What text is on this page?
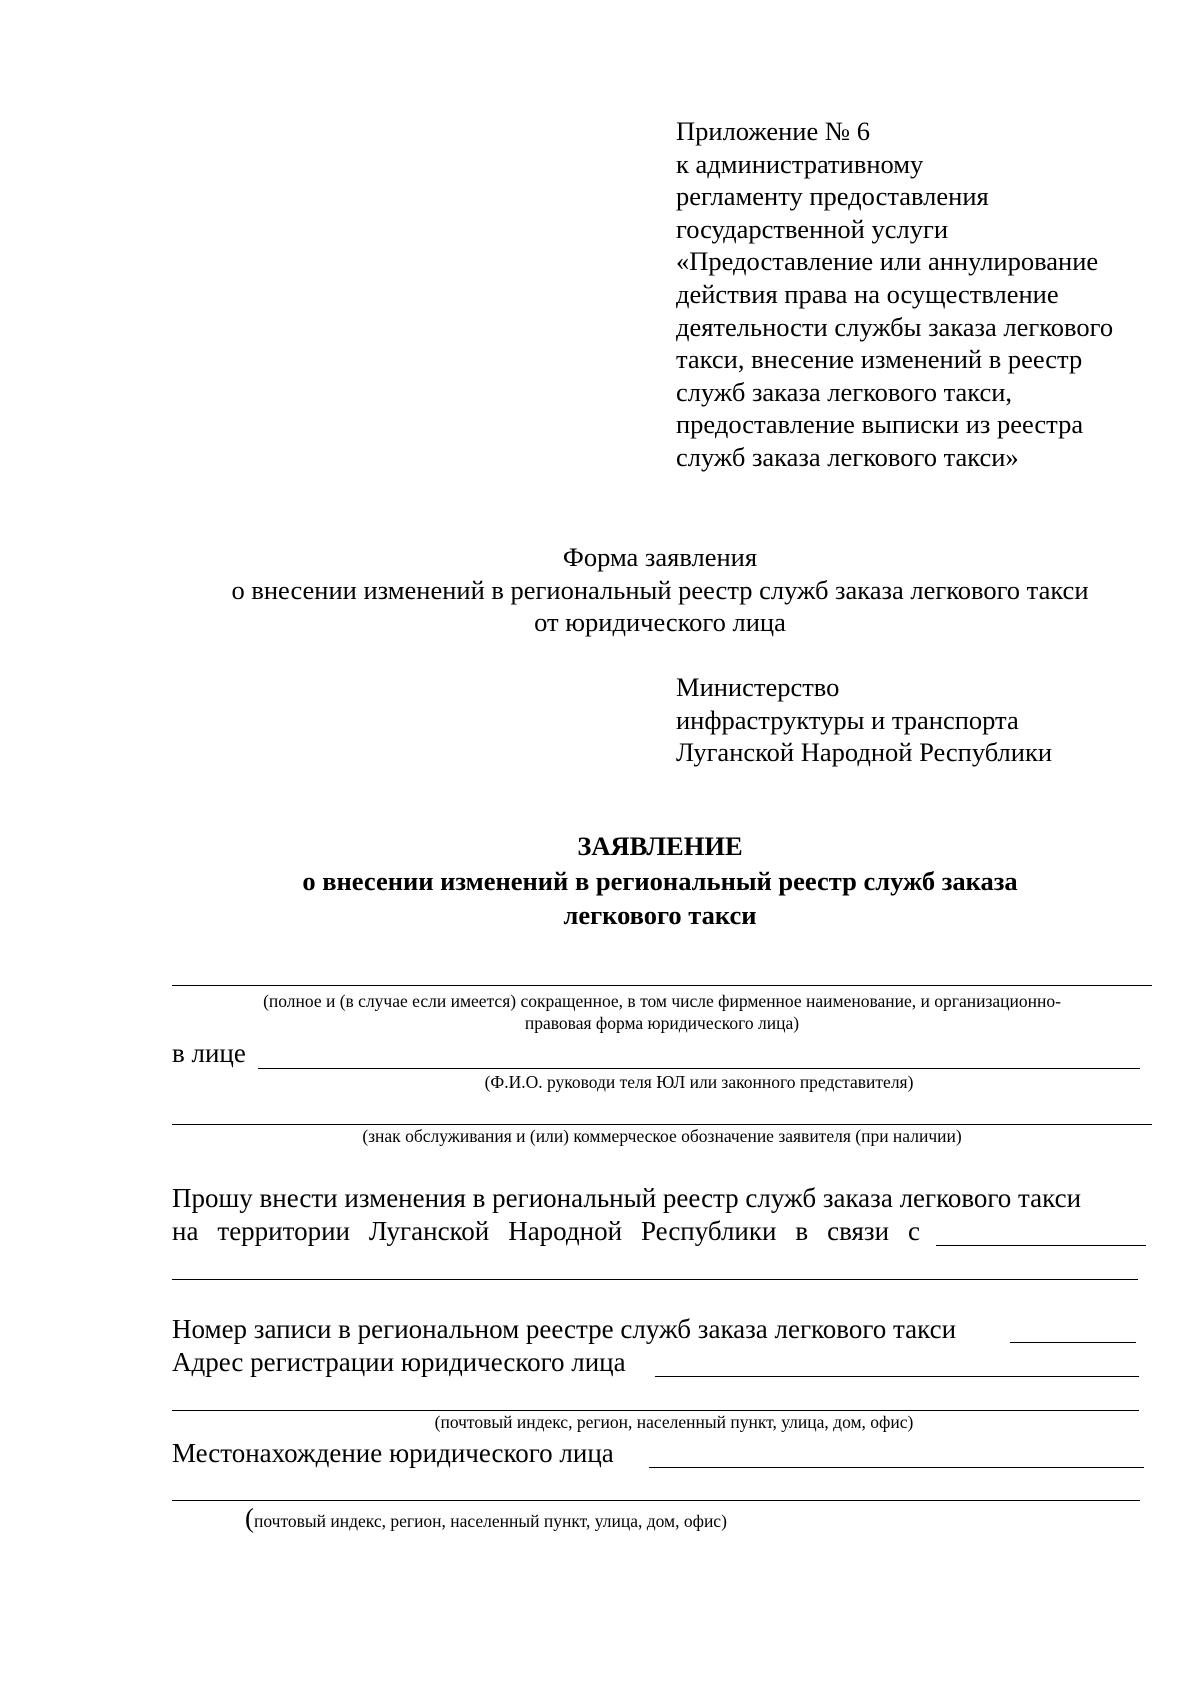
Приложение № 6
к административному
регламенту предоставления
государственной услуги
«Предоставление или аннулирование
действия права на осуществление
деятельности службы заказа легкового
такси, внесение изменений в реестр
служб заказа легкового такси,
предоставление выписки из реестра
служб заказа легкового такси»
Форма заявления
о внесении изменений в региональный реестр служб заказа легкового такси
от юридического лица
Министерство
инфраструктуры и транспорта
Луганской Народной Республики
ЗАЯВЛЕНИЕ
о внесении изменений в региональный реестр служб заказа
легкового такси
(полное и (в случае если имеется) сокращенное, в том числе фирменное наименование, и организационно-
правовая форма юридического лица)
в лице
(Ф.И.О. руководи теля ЮЛ или законного представителя)
(знак обслуживания и (или) коммерческое обозначение заявителя (при наличии)
Прошу внести изменения в региональный реестр служб заказа легкового такси
на территории Луганской Народной Республики в связи с
Номер записи в региональном реестре служб заказа легкового такси
Адрес регистрации юридического лица
(почтовый индекс, регион, населенный пункт, улица, дом, офис)
Местонахождение юридического лица
(почтовый индекс, регион, населенный пункт, улица, дом, офис)
